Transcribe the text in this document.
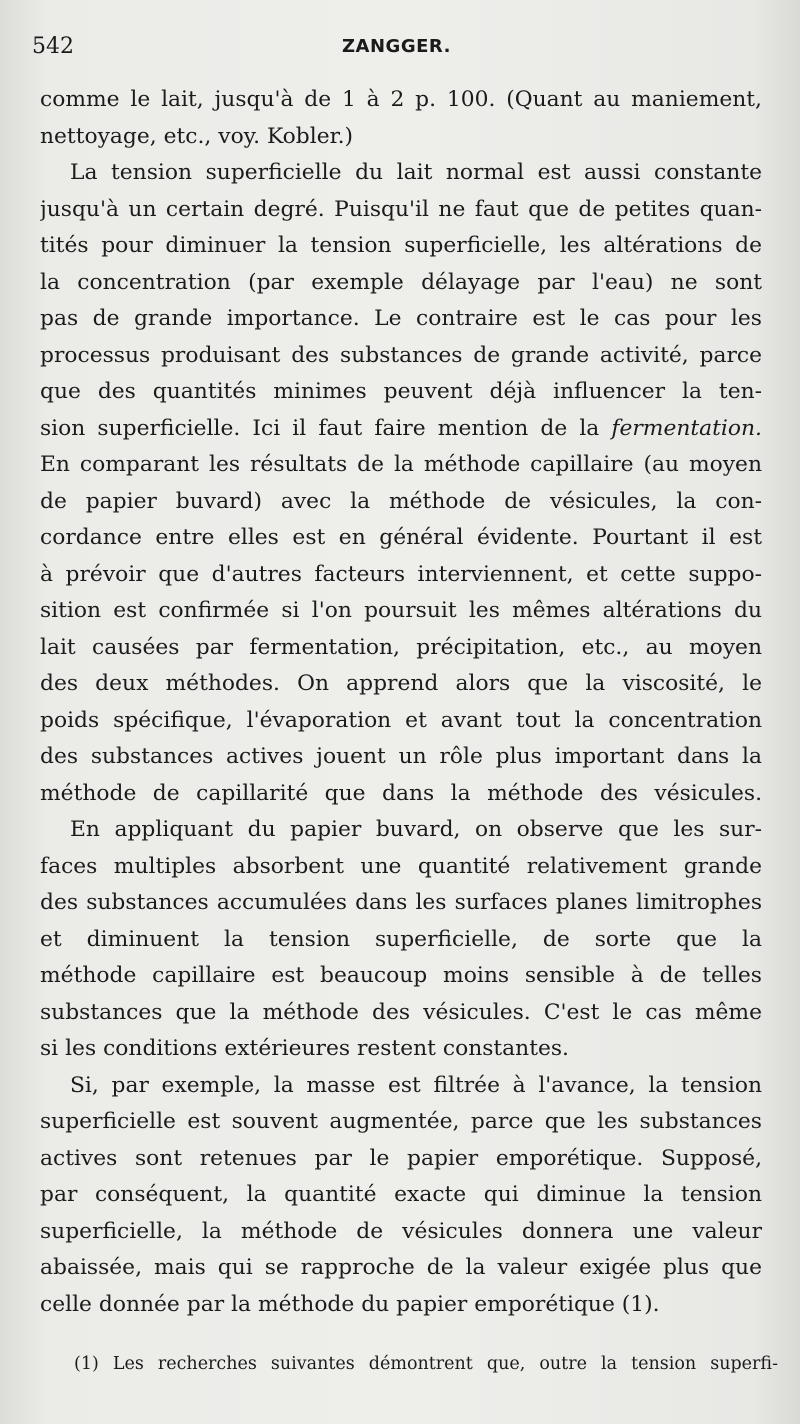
542	ZANGGER.
comme le lait, jusqu'à de 1 à 2 p. 100. (Quant au maniement,
nettoyage, etc., voy. Kobler.)
La tension superficielle du lait normal est aussi constante
jusqu'à un certain degré. Puisqu'il ne faut que de petites quan-
tités pour diminuer la tension superficielle, les altérations de
la concentration (par exemple délayage par l'eau) ne sont
pas de grande importance. Le contraire est le cas pour les
processus produisant des substances de grande activité, parce
que des quantités minimes peuvent déjà influencer la ten-
sion superficielle. Ici il faut faire mention de la fermentation.
En comparant les résultats de la méthode capillaire (au moyen
de papier buvard) avec la méthode de vésicules, la con-
cordance entre elles est en général évidente. Pourtant il est
à prévoir que d'autres facteurs interviennent, et cette suppo-
sition est confirmée si l'on poursuit les mêmes altérations du
lait causées par fermentation, précipitation, etc., au moyen
des deux méthodes. On apprend alors que la viscosité, le
poids spécifique, l'évaporation et avant tout la concentration
des substances actives jouent un rôle plus important dans la
méthode de capillarité que dans la méthode des vésicules.
En appliquant du papier buvard, on observe que les sur-
faces multiples absorbent une quantité relativement grande
des substances accumulées dans les surfaces planes limitrophes
et diminuent la tension superficielle, de sorte que la
méthode capillaire est beaucoup moins sensible à de telles
substances que la méthode des vésicules. C'est le cas même
si les conditions extérieures restent constantes.
Si, par exemple, la masse est filtrée à l'avance, la tension
superficielle est souvent augmentée, parce que les substances
actives sont retenues par le papier emporétique. Supposé,
par conséquent, la quantité exacte qui diminue la tension
superficielle, la méthode de vésicules donnera une valeur
abaissée, mais qui se rapproche de la valeur exigée plus que
celle donnée par la méthode du papier emporétique (1).
(1) Les recherches suivantes démontrent que, outre la tension superfi-
